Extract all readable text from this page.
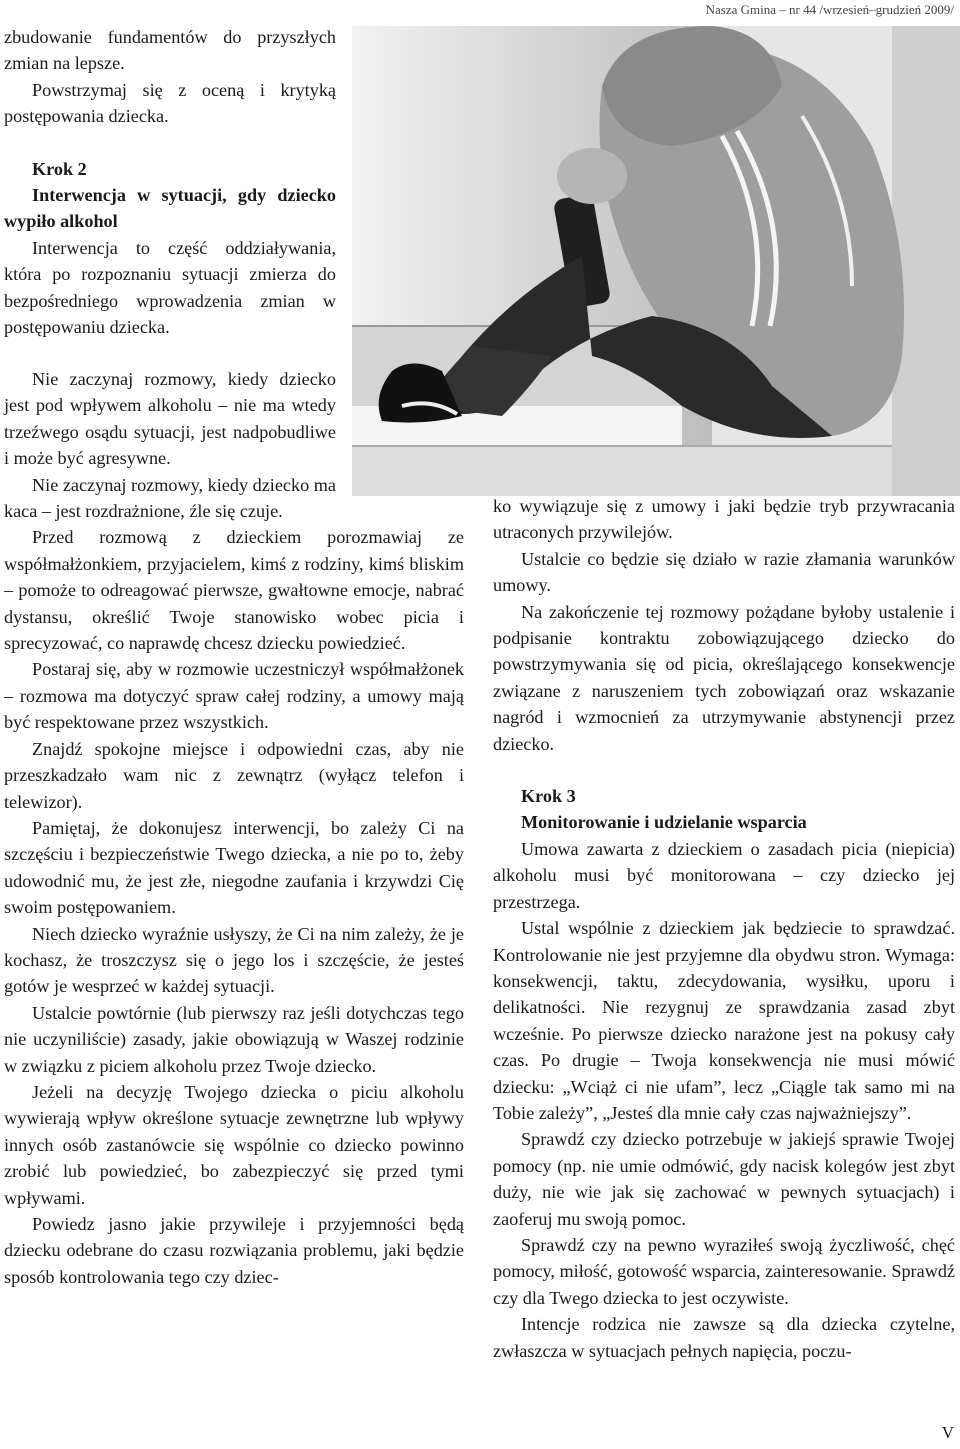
Nasza Gmina – nr 44 /wrzesień–grudzień 2009/

zbudowanie fundamentów do przyszłych zmian na lepsze.

Powstrzymaj się z oceną i krytyką postępowania dziecka.

Krok 2

Interwencja w sytuacji, gdy dziecko wypiło alkohol

Interwencja to część oddziaływania, która po rozpoznaniu sytuacji zmierza do bezpośredniego wprowadzenia zmian w postępowaniu dziecka.

Nie zaczynaj rozmowy, kiedy dziecko jest pod wpływem alkoholu – nie ma wtedy trzeźwego osądu sytuacji, jest nadpobudliwe i może być agresywne.

Nie zaczynaj rozmowy, kiedy dziecko ma kaca – jest rozdrażnione, źle się czuje.

Przed rozmową z dzieckiem porozmawiaj ze współmałżonkiem, przyjacielem, kimś z rodziny, kimś bliskim – pomoże to odreagować pierwsze, gwałtowne emocje, nabrać dystansu, określić Twoje stanowisko wobec picia i sprecyzować, co naprawdę chcesz dziecku powiedzieć.

Postaraj się, aby w rozmowie uczestniczył współmałżonek – rozmowa ma dotyczyć spraw całej rodziny, a umowy mają być respektowane przez wszystkich.

Znajdź spokojne miejsce i odpowiedni czas, aby nie przeszkadzało wam nic z zewnątrz (wyłącz telefon i telewizor).

Pamiętaj, że dokonujesz interwencji, bo zależy Ci na szczęściu i bezpieczeństwie Twego dziecka, a nie po to, żeby udowodnić mu, że jest złe, niegodne zaufania i krzywdzi Cię swoim postępowaniem.

Niech dziecko wyraźnie usłyszy, że Ci na nim zależy, że je kochasz, że troszczysz się o jego los i szczęście, że jesteś gotów je wesprzeć w każdej sytuacji.

Ustalcie powtórnie (lub pierwszy raz jeśli dotychczas tego nie uczyniliście) zasady, jakie obowiązują w Waszej rodzinie w związku z piciem alkoholu przez Twoje dziecko.

Jeżeli na decyzję Twojego dziecka o piciu alkoholu wywierają wpływ określone sytuacje zewnętrzne lub wpływy innych osób zastanówcie się wspólnie co dziecko powinno zrobić lub powiedzieć, bo zabezpieczyć się przed tymi wpływami.

Powiedz jasno jakie przywileje i przyjemności będą dziecku odebrane do czasu rozwiązania problemu, jaki będzie sposób kontrolowania tego czy dziec-

ko wywiązuje się z umowy i jaki będzie tryb przywracania utraconych przywilejów.

Ustalcie co będzie się działo w razie złamania warunków umowy.

Na zakończenie tej rozmowy pożądane byłoby ustalenie i podpisanie kontraktu zobowiązującego dziecko do powstrzymywania się od picia, określającego konsekwencje związane z naruszeniem tych zobowiązań oraz wskazanie nagród i wzmocnień za utrzymywanie abstynencji przez dziecko.

Krok 3

Monitorowanie i udzielanie wsparcia

Umowa zawarta z dzieckiem o zasadach picia (niepicia) alkoholu musi być monitorowana – czy dziecko jej przestrzega.

Ustal wspólnie z dzieckiem jak będziecie to sprawdzać. Kontrolowanie nie jest przyjemne dla obydwu stron. Wymaga: konsekwencji, taktu, zdecydowania, wysiłku, uporu i delikatności. Nie rezygnuj ze sprawdzania zasad zbyt wcześnie. Po pierwsze dziecko narażone jest na pokusy cały czas. Po drugie – Twoja konsekwencja nie musi mówić dziecku: „Wciąż ci nie ufam”, lecz „Ciągle tak samo mi na Tobie zależy”, „Jesteś dla mnie cały czas najważniejszy”.

Sprawdź czy dziecko potrzebuje w jakiejś sprawie Twojej pomocy (np. nie umie odmówić, gdy nacisk kolegów jest zbyt duży, nie wie jak się zachować w pewnych sytuacjach) i zaoferuj mu swoją pomoc.

Sprawdź czy na pewno wyraziłeś swoją życzliwość, chęć pomocy, miłość, gotowość wsparcia, zainteresowanie. Sprawdź czy dla Twego dziecka to jest oczywiste.

Intencje rodzica nie zawsze są dla dziecka czytelne, zwłaszcza w sytuacjach pełnych napięcia, poczu-

V
